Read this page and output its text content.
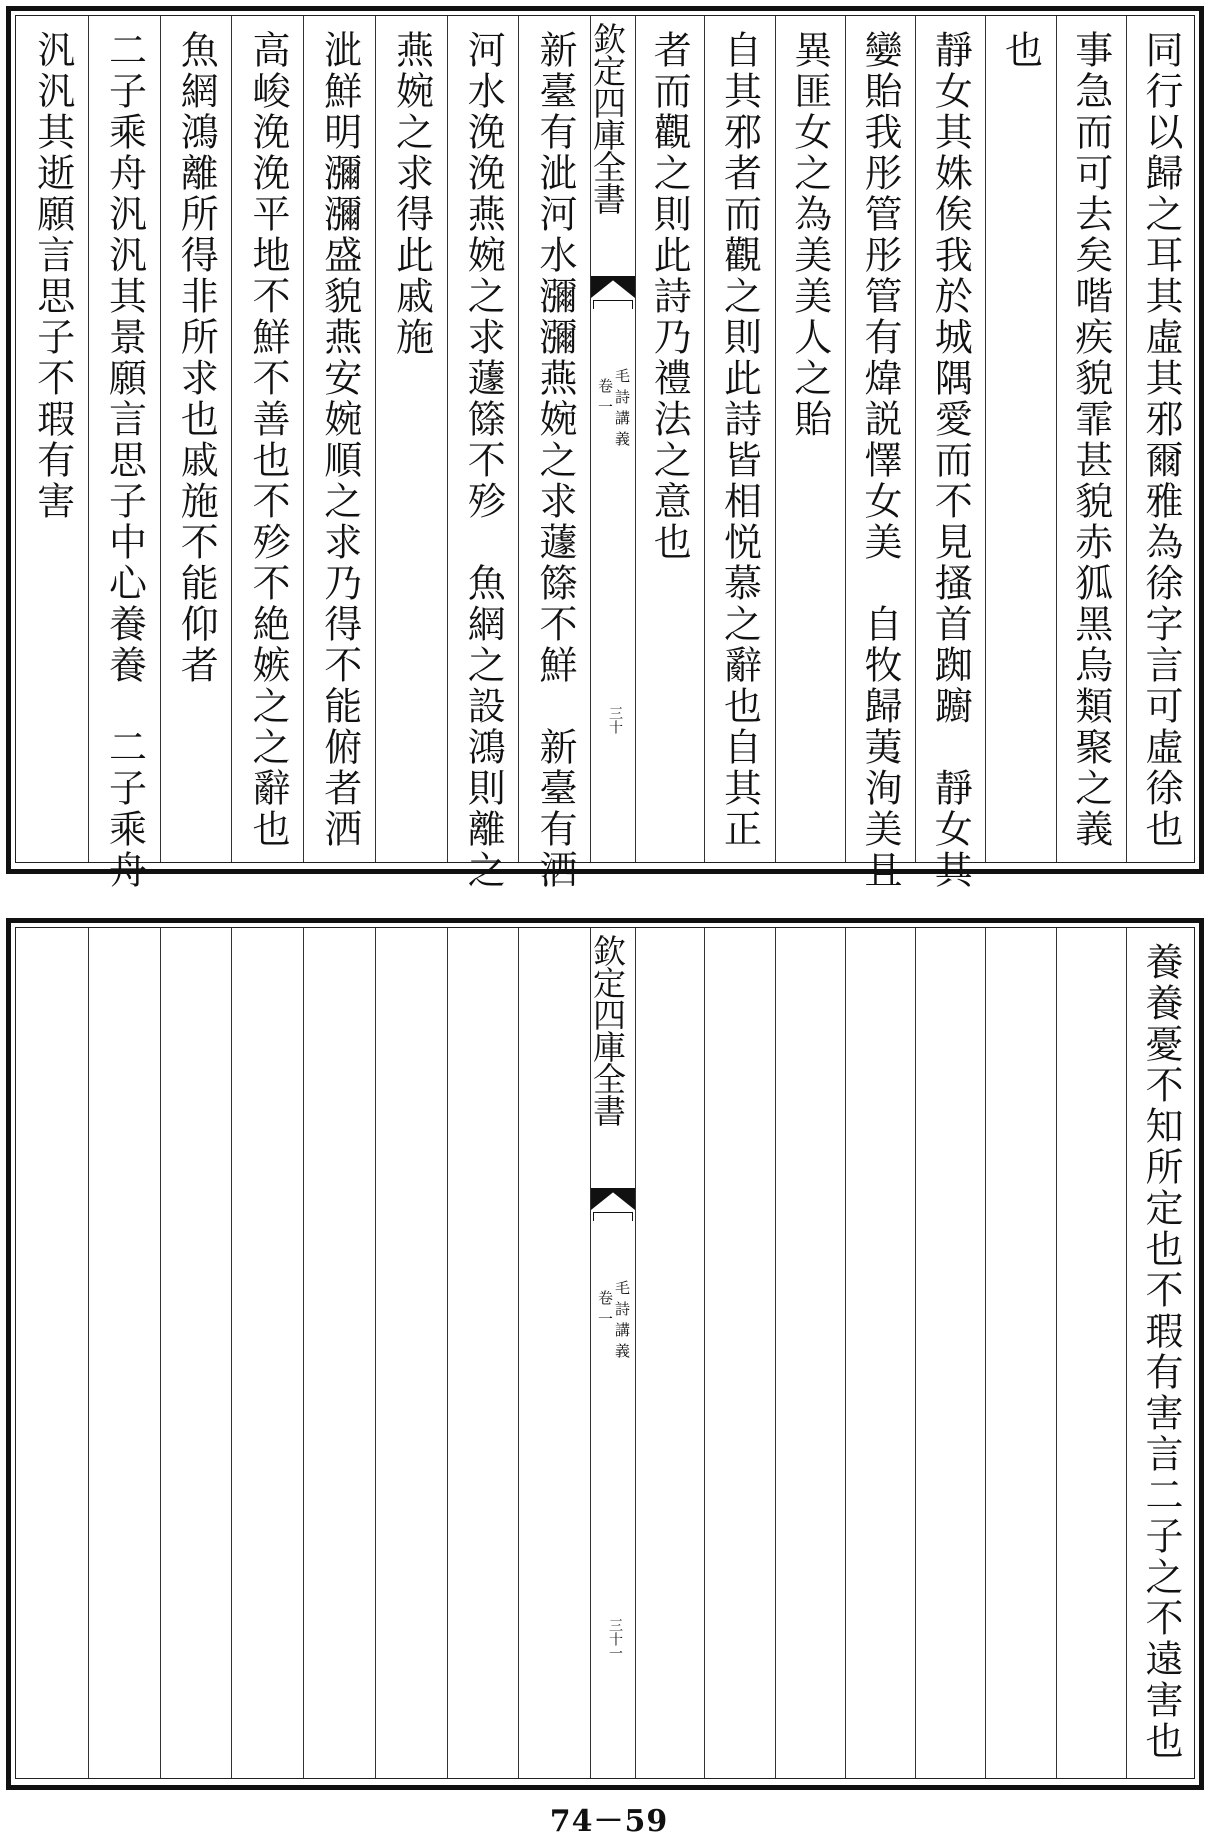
同行以歸之耳其虛其邪爾雅為徐字言可虛徐也
事急而可去矣喈疾貌霏甚貌赤狐黑烏類聚之義
也
靜女其姝俟我於城隅愛而不見搔首踟躕　靜女其
孌貽我彤管彤管有煒説懌女美　自牧歸荑洵美且
異匪女之為美美人之貽
自其邪者而觀之則此詩皆相悦慕之辭也自其正
者而觀之則此詩乃禮法之意也
新臺有泚河水瀰瀰燕婉之求蘧篨不鮮　新臺有洒
河水浼浼燕婉之求蘧篨不殄　魚網之設鴻則離之
燕婉之求得此戚施
泚鮮明瀰瀰盛貌燕安婉順之求乃得不能俯者洒
高峻浼浼平地不鮮不善也不殄不絶嫉之之辭也
魚網鴻離所得非所求也戚施不能仰者
二子乘舟汎汎其景願言思子中心養養　二子乘舟
汎汎其逝願言思子不瑕有害	欽定四庫全書
毛詩講義
卷一
三十
養養憂不知所定也不瑕有害言二子之不遠害也
欽定四庫全書
毛詩講義
卷一
三十一
74－59
